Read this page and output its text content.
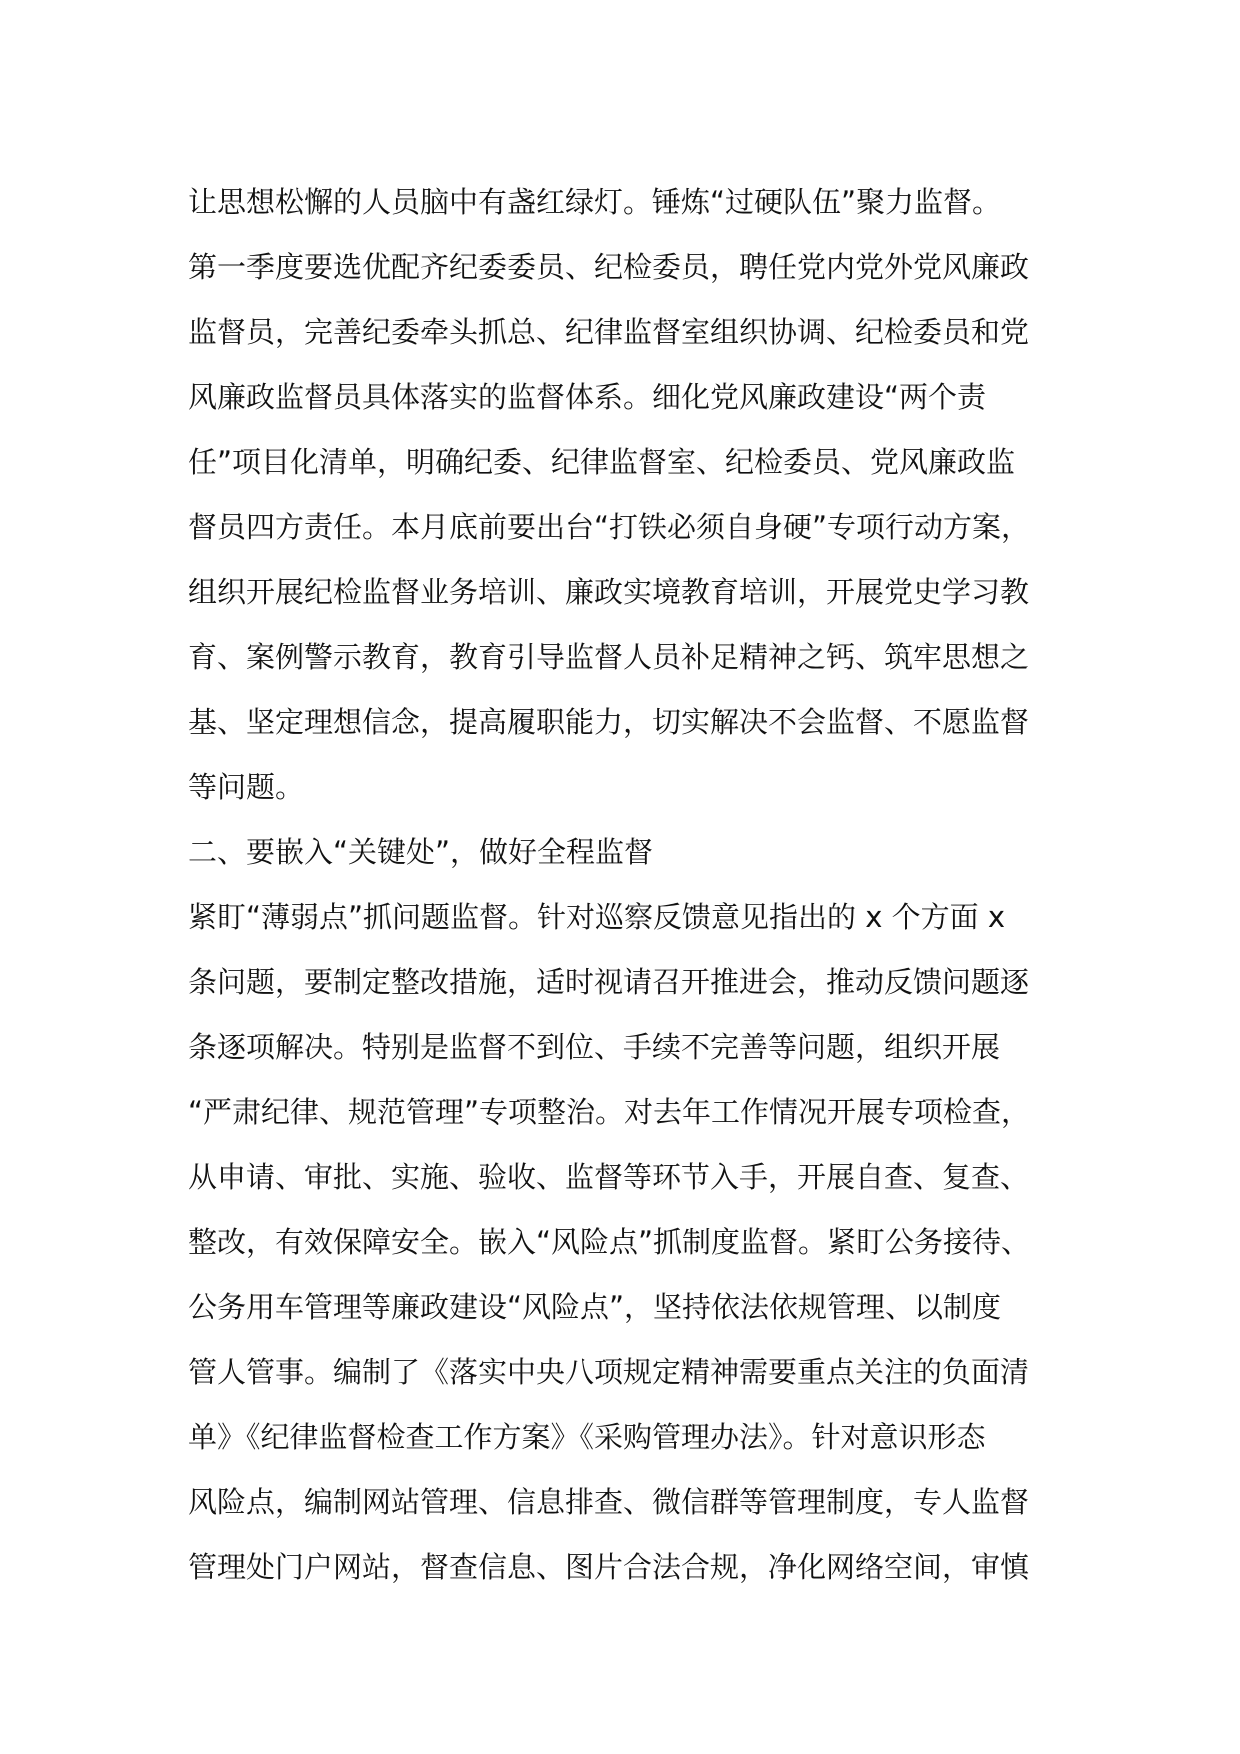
让思想松懈的人员脑中有盏红绿灯。锤炼“过硬队伍”聚力监督。
第一季度要选优配齐纪委委员、纪检委员，聘任党内党外党风廉政
监督员，完善纪委牵头抓总、纪律监督室组织协调、纪检委员和党
风廉政监督员具体落实的监督体系。细化党风廉政建设“两个责
任”项目化清单，明确纪委、纪律监督室、纪检委员、党风廉政监
督员四方责任。本月底前要出台“打铁必须自身硬”专项行动方案，
组织开展纪检监督业务培训、廉政实境教育培训，开展党史学习教
育、案例警示教育，教育引导监督人员补足精神之钙、筑牢思想之
基、坚定理想信念，提高履职能力，切实解决不会监督、不愿监督
等问题。
二、要嵌入“关键处”，做好全程监督
紧盯“薄弱点”抓问题监督。针对巡察反馈意见指出的 x 个方面 x
条问题，要制定整改措施，适时视请召开推进会，推动反馈问题逐
条逐项解决。特别是监督不到位、手续不完善等问题，组织开展
“严肃纪律、规范管理”专项整治。对去年工作情况开展专项检查，
从申请、审批、实施、验收、监督等环节入手，开展自查、复查、
整改，有效保障安全。嵌入“风险点”抓制度监督。紧盯公务接待、
公务用车管理等廉政建设“风险点”，坚持依法依规管理、以制度
管人管事。编制了《落实中央八项规定精神需要重点关注的负面清
单》《纪律监督检查工作方案》《采购管理办法》。针对意识形态
风险点，编制网站管理、信息排查、微信群等管理制度，专人监督
管理处门户网站，督查信息、图片合法合规，净化网络空间，审慎
